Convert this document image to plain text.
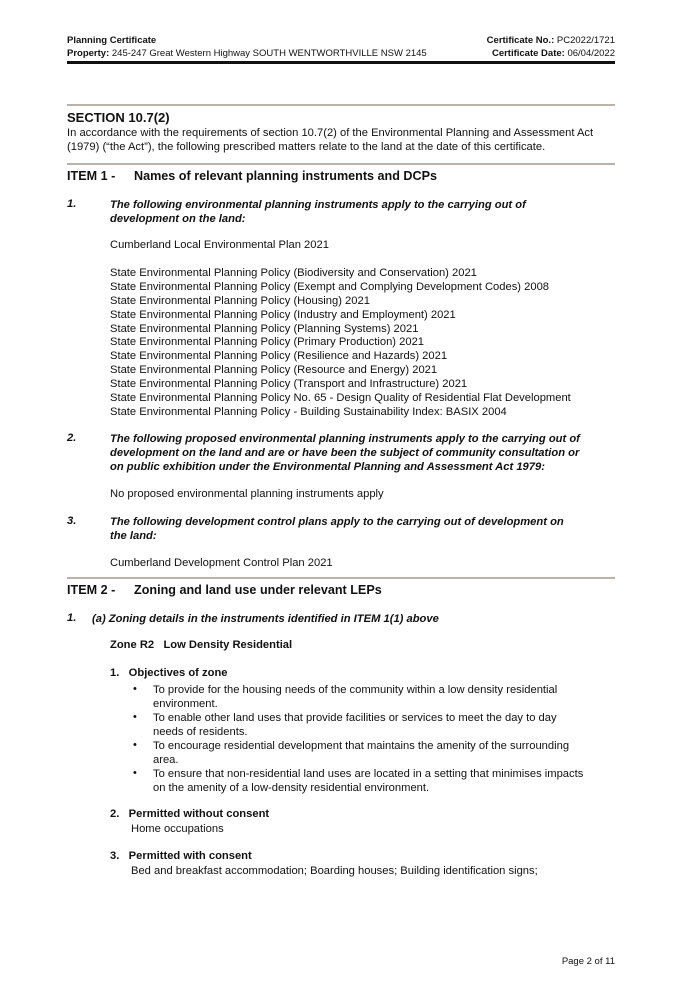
Planning Certificate	Certificate No.: PC2022/1721
Property: 245-247 Great Western Highway SOUTH WENTWORTHVILLE NSW 2145	Certificate Date: 06/04/2022
SECTION 10.7(2)
In accordance with the requirements of section 10.7(2) of the Environmental Planning and Assessment Act (1979) (“the Act”), the following prescribed matters relate to the land at the date of this certificate.
ITEM 1 - Names of relevant planning instruments and DCPs
1.	The following environmental planning instruments apply to the carrying out of
development on the land:
Cumberland Local Environmental Plan 2021
State Environmental Planning Policy (Biodiversity and Conservation) 2021
State Environmental Planning Policy (Exempt and Complying Development Codes) 2008
State Environmental Planning Policy (Housing) 2021
State Environmental Planning Policy (Industry and Employment) 2021
State Environmental Planning Policy (Planning Systems) 2021
State Environmental Planning Policy (Primary Production) 2021
State Environmental Planning Policy (Resilience and Hazards) 2021
State Environmental Planning Policy (Resource and Energy) 2021
State Environmental Planning Policy (Transport and Infrastructure) 2021
State Environmental Planning Policy No. 65 - Design Quality of Residential Flat Development
State Environmental Planning Policy - Building Sustainability Index: BASIX 2004
2.	The following proposed environmental planning instruments apply to the carrying out of
development on the land and are or have been the subject of community consultation or
on public exhibition under the Environmental Planning and Assessment Act 1979:
No proposed environmental planning instruments apply
3.	The following development control plans apply to the carrying out of development on
the land:
Cumberland Development Control Plan 2021
ITEM 2 - Zoning and land use under relevant LEPs
1. (a) Zoning details in the instruments identified in ITEM 1(1) above
Zone R2   Low Density Residential
1.   Objectives of zone
• To provide for the housing needs of the community within a low density residential
environment.
• To enable other land uses that provide facilities or services to meet the day to day
needs of residents.
• To encourage residential development that maintains the amenity of the surrounding
area.
• To ensure that non-residential land uses are located in a setting that minimises impacts
on the amenity of a low-density residential environment.
2.   Permitted without consent
Home occupations
3.   Permitted with consent
Bed and breakfast accommodation; Boarding houses; Building identification signs;
Page 2 of 11
